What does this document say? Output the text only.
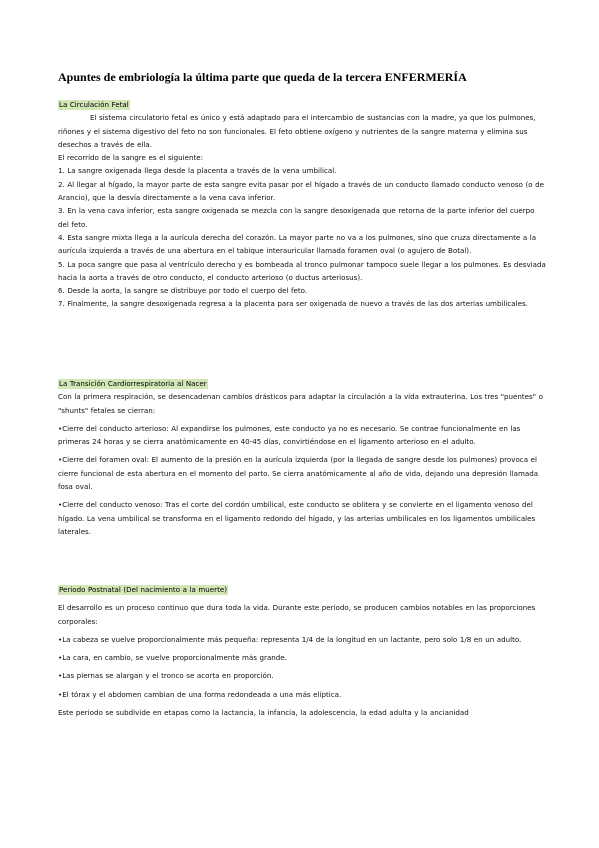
Apuntes de embriología la última parte que queda de la tercera ENFERMERÍA

La Circulación Fetal

El sistema circulatorio fetal es único y está adaptado para el intercambio de sustancias con la madre, ya que los pulmones, riñones y el sistema digestivo del feto no son funcionales. El feto obtiene oxígeno y nutrientes de la sangre materna y elimina sus desechos a través de ella.

El recorrido de la sangre es el siguiente:

1. La sangre oxigenada llega desde la placenta a través de la vena umbilical.

2. Al llegar al hígado, la mayor parte de esta sangre evita pasar por el hígado a través de un conducto llamado conducto venoso (o de Arancio), que la desvía directamente a la vena cava inferior.

3. En la vena cava inferior, esta sangre oxigenada se mezcla con la sangre desoxigenada que retorna de la parte inferior del cuerpo del feto.

4. Esta sangre mixta llega a la aurícula derecha del corazón. La mayor parte no va a los pulmones, sino que cruza directamente a la aurícula izquierda a través de una abertura en el tabique interauricular llamada foramen oval (o agujero de Botal).

5. La poca sangre que pasa al ventrículo derecho y es bombeada al tronco pulmonar tampoco suele llegar a los pulmones. Es desviada hacia la aorta a través de otro conducto, el conducto arterioso (o ductus arteriosus).

6. Desde la aorta, la sangre se distribuye por todo el cuerpo del feto.

7. Finalmente, la sangre desoxigenada regresa a la placenta para ser oxigenada de nuevo a través de las dos arterias umbilicales.

La Transición Cardiorrespiratoria al Nacer

Con la primera respiración, se desencadenan cambios drásticos para adaptar la circulación a la vida extrauterina. Los tres "puentes" o "shunts" fetales se cierran:

• Cierre del conducto arterioso: Al expandirse los pulmones, este conducto ya no es necesario. Se contrae funcionalmente en las primeras 24 horas y se cierra anatómicamente en 40-45 días, convirtiéndose en el ligamento arterioso en el adulto.

• Cierre del foramen oval: El aumento de la presión en la aurícula izquierda (por la llegada de sangre desde los pulmones) provoca el cierre funcional de esta abertura en el momento del parto. Se cierra anatómicamente al año de vida, dejando una depresión llamada fosa oval.

• Cierre del conducto venoso: Tras el corte del cordón umbilical, este conducto se oblitera y se convierte en el ligamento venoso del hígado. La vena umbilical se transforma en el ligamento redondo del hígado, y las arterias umbilicales en los ligamentos umbilicales laterales.

Periodo Postnatal (Del nacimiento a la muerte)

El desarrollo es un proceso continuo que dura toda la vida. Durante este periodo, se producen cambios notables en las proporciones corporales:

• La cabeza se vuelve proporcionalmente más pequeña: representa 1/4 de la longitud en un lactante, pero solo 1/8 en un adulto.

• La cara, en cambio, se vuelve proporcionalmente más grande.

• Las piernas se alargan y el tronco se acorta en proporción.

• El tórax y el abdomen cambian de una forma redondeada a una más elíptica.

Este periodo se subdivide en etapas como la lactancia, la infancia, la adolescencia, la edad adulta y la ancianidad
